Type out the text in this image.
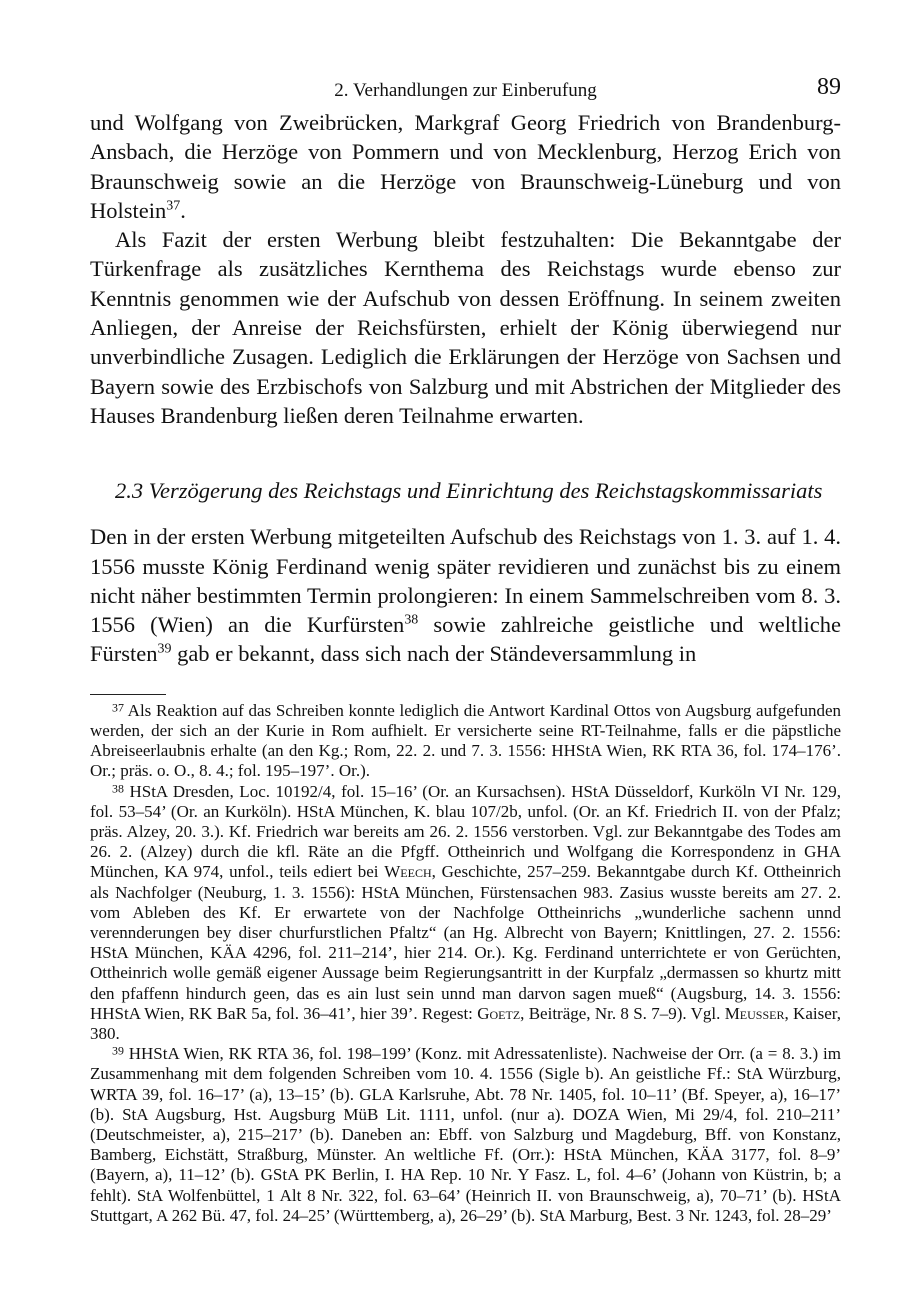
2. Verhandlungen zur Einberufung	89

und Wolfgang von Zweibrücken, Markgraf Georg Friedrich von Brandenburg-Ansbach, die Herzöge von Pommern und von Mecklenburg, Herzog Erich von Braunschweig sowie an die Herzöge von Braunschweig-Lüneburg und von Holstein$^{37}$.

Als Fazit der ersten Werbung bleibt festzuhalten: Die Bekanntgabe der Türkenfrage als zusätzliches Kernthema des Reichstags wurde ebenso zur Kenntnis genommen wie der Aufschub von dessen Eröffnung. In seinem zweiten Anliegen, der Anreise der Reichsfürsten, erhielt der König überwiegend nur unverbindliche Zusagen. Lediglich die Erklärungen der Herzöge von Sachsen und Bayern sowie des Erzbischofs von Salzburg und mit Abstrichen der Mitglieder des Hauses Brandenburg ließen deren Teilnahme erwarten.

2.3 Verzögerung des Reichstags und Einrichtung des Reichstagskommissariats

Den in der ersten Werbung mitgeteilten Aufschub des Reichstags von 1. 3. auf 1. 4. 1556 musste König Ferdinand wenig später revidieren und zunächst bis zu einem nicht näher bestimmten Termin prolongieren: In einem Sammelschreiben vom 8. 3. 1556 (Wien) an die Kurfürsten$^{38}$ sowie zahlreiche geistliche und weltliche Fürsten$^{39}$ gab er bekannt, dass sich nach der Ständeversammlung in

$^{37}$ Als Reaktion auf das Schreiben konnte lediglich die Antwort Kardinal Ottos von Augsburg aufgefunden werden, der sich an der Kurie in Rom aufhielt. Er versicherte seine RT-Teilnahme, falls er die päpstliche Abreiseerlaubnis erhalte (an den Kg.; Rom, 22. 2. und 7. 3. 1556: HHStA Wien, RK RTA 36, fol. 174–176’. Or.; präs. o. O., 8. 4.; fol. 195–197’. Or.).

$^{38}$ HStA Dresden, Loc. 10192/4, fol. 15–16’ (Or. an Kursachsen). HStA Düsseldorf, Kurköln VI Nr. 129, fol. 53–54’ (Or. an Kurköln). HStA München, K. blau 107/2b, unfol. (Or. an Kf. Friedrich II. von der Pfalz; präs. Alzey, 20. 3.). Kf. Friedrich war bereits am 26. 2. 1556 verstorben. Vgl. zur Bekanntgabe des Todes am 26. 2. (Alzey) durch die kfl. Räte an die Pfgff. Ottheinrich und Wolfgang die Korrespondenz in GHA München, KA 974, unfol., teils ediert bei Weech, Geschichte, 257–259. Bekanntgabe durch Kf. Ottheinrich als Nachfolger (Neuburg, 1. 3. 1556): HStA München, Fürstensachen 983. Zasius wusste bereits am 27. 2. vom Ableben des Kf. Er erwartete von der Nachfolge Ottheinrichs „wunderliche sachenn unnd verennderungen bey diser churfurstlichen Pfaltz“ (an Hg. Albrecht von Bayern; Knittlingen, 27. 2. 1556: HStA München, KÄA 4296, fol. 211–214’, hier 214. Or.). Kg. Ferdinand unterrichtete er von Gerüchten, Ottheinrich wolle gemäß eigener Aussage beim Regierungsantritt in der Kurpfalz „dermassen so khurtz mitt den pfaffenn hindurch geen, das es ain lust sein unnd man darvon sagen mueß“ (Augsburg, 14. 3. 1556: HHStA Wien, RK BaR 5a, fol. 36–41’, hier 39’. Regest: Goetz, Beiträge, Nr. 8 S. 7–9). Vgl. Meusser, Kaiser, 380.

$^{39}$ HHStA Wien, RK RTA 36, fol. 198–199’ (Konz. mit Adressatenliste). Nachweise der Orr. (a = 8. 3.) im Zusammenhang mit dem folgenden Schreiben vom 10. 4. 1556 (Sigle b). An geistliche Ff.: StA Würzburg, WRTA 39, fol. 16–17’ (a), 13–15’ (b). GLA Karlsruhe, Abt. 78 Nr. 1405, fol. 10–11’ (Bf. Speyer, a), 16–17’ (b). StA Augsburg, Hst. Augsburg MüB Lit. 1111, unfol. (nur a). DOZA Wien, Mi 29/4, fol. 210–211’ (Deutschmeister, a), 215–217’ (b). Daneben an: Ebff. von Salzburg und Magdeburg, Bff. von Konstanz, Bamberg, Eichstätt, Straßburg, Münster. An weltliche Ff. (Orr.): HStA München, KÄA 3177, fol. 8–9’ (Bayern, a), 11–12’ (b). GStA PK Berlin, I. HA Rep. 10 Nr. Y Fasz. L, fol. 4–6’ (Johann von Küstrin, b; a fehlt). StA Wolfenbüttel, 1 Alt 8 Nr. 322, fol. 63–64’ (Heinrich II. von Braunschweig, a), 70–71’ (b). HStA Stuttgart, A 262 Bü. 47, fol. 24–25’ (Württemberg, a), 26–29’ (b). StA Marburg, Best. 3 Nr. 1243, fol. 28–29’
